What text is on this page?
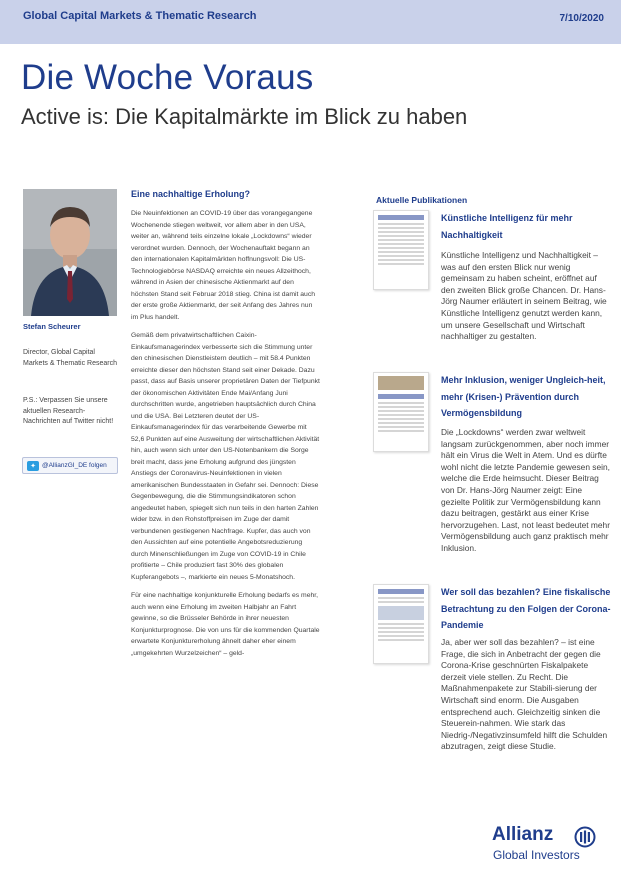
Global Capital Markets & Thematic Research	7/10/2020
Die Woche Voraus
Active is: Die Kapitalmärkte im Blick zu haben
Stefan Scheurer
Director, Global Capital Markets & Thematic Research
P.S.: Verpassen Sie unsere aktuellen Research-Nachrichten auf Twitter nicht!
✦ @AllianzGI_DE folgen
Eine nachhaltige Erholung?

Die Neuinfektionen an COVID-19 über das vorangegangene Wochenende stiegen weltweit, vor allem aber in den USA, weiter an, während teils einzelne lokale „Lockdowns“ wieder verordnet wurden. Dennoch, der Wochenauftakt begann an den internationalen Kapitalmärkten hoffnungsvoll: Die US-Technologiebörse NASDAQ erreichte ein neues Allzeithoch, während in Asien der chinesische Aktienmarkt auf den höchsten Stand seit Februar 2018 stieg. China ist damit auch der erste große Aktienmarkt, der seit Anfang des Jahres nun im Plus handelt.

Gemäß dem privatwirtschaftlichen Caixin-Einkaufsmanagerindex verbesserte sich die Stimmung unter den chinesischen Dienstleistern deutlich – mit 58.4 Punkten erreichte dieser den höchsten Stand seit einer Dekade. Dazu passt, dass auf Basis unserer proprietären Daten der Tiefpunkt der ökonomischen Aktivitäten Ende Mai/Anfang Juni durchschritten wurde, angetrieben hauptsächlich durch China und die USA. Bei Letzteren deutet der US-Einkaufsmanagerindex für das verarbeitende Gewerbe mit 52,6 Punkten auf eine Ausweitung der wirtschaftlichen Aktivität hin, auch wenn sich unter den US-Notenbankern die Sorge breit macht, dass jene Erholung aufgrund des jüngsten Anstiegs der Coronavirus-Neuinfektionen in vielen amerikanischen Bundesstaaten in Gefahr sei. Dennoch: Diese Gegenbewegung, die die Stimmungsindikatoren schon angedeutet haben, spiegelt sich nun teils in den harten Zahlen wider bzw. in den Rohstoffpreisen im Zuge der damit verbundenen gestiegenen Nachfrage. Kupfer, das auch von den Aussichten auf eine potentielle Angebotsreduzierung durch Minenschließungen im Zuge von COVID-19 in Chile profitierte – Chile produziert fast 30% des globalen Kupferangebots –, markierte ein neues 5-Monatshoch.

Für eine nachhaltige konjunkturelle Erholung bedarfs es mehr, auch wenn eine Erholung im zweiten Halbjahr an Fahrt gewinne, so die Brüsseler Behörde in ihrer neuesten Konjunkturprognose. Die von uns für die kommenden Quartale erwartete Konjunkturerholung ähnelt daher eher einem „umgekehrten Wurzelzeichen“ – geld-

Aktuelle Publikationen
Künstliche Intelligenz für mehr Nachhaltigkeit

Künstliche Intelligenz und Nachhaltigkeit – was auf den ersten Blick nur wenig gemeinsam zu haben scheint, eröffnet auf den zweiten Blick große Chancen. Dr. Hans-Jörg Naumer erläutert in seinem Beitrag, wie Künstliche Intelligenz genutzt werden kann, um unsere Gesellschaft und Wirtschaft nachhaltiger zu gestalten.

Mehr Inklusion, weniger Ungleich-heit, mehr (Krisen-) Prävention durch Vermögensbildung

Die „Lockdowns“ werden zwar weltweit langsam zurückgenommen, aber noch immer hält ein Virus die Welt in Atem. Und es dürfte wohl nicht die letzte Pandemie gewesen sein, welche die Erde heimsucht. Dieser Beitrag von Dr. Hans-Jörg Naumer zeigt: Eine gezielte Politik zur Vermögensbildung kann dazu beitragen, gestärkt aus einer Krise hervorzugehen. Last, not least bedeutet mehr Vermögensbildung auch ganz praktisch mehr Inklusion.

Wer soll das bezahlen? Eine fiskalische Betrachtung zu den Folgen der Corona-Pandemie

Ja, aber wer soll das bezahlen? – ist eine Frage, die sich in Anbetracht der gegen die Corona-Krise geschnürten Fiskalpakete derzeit viele stellen. Zu Recht. Die Maßnahmenpakete zur Stabili-sierung der Wirtschaft sind enorm. Die Ausgaben entsprechend auch. Gleichzeitig sinken die Steuerein-nahmen. Wie stark das Niedrig-/Negativzinsumfeld hilft die Schulden abzutragen, zeigt diese Studie.

Allianz
Global Investors
